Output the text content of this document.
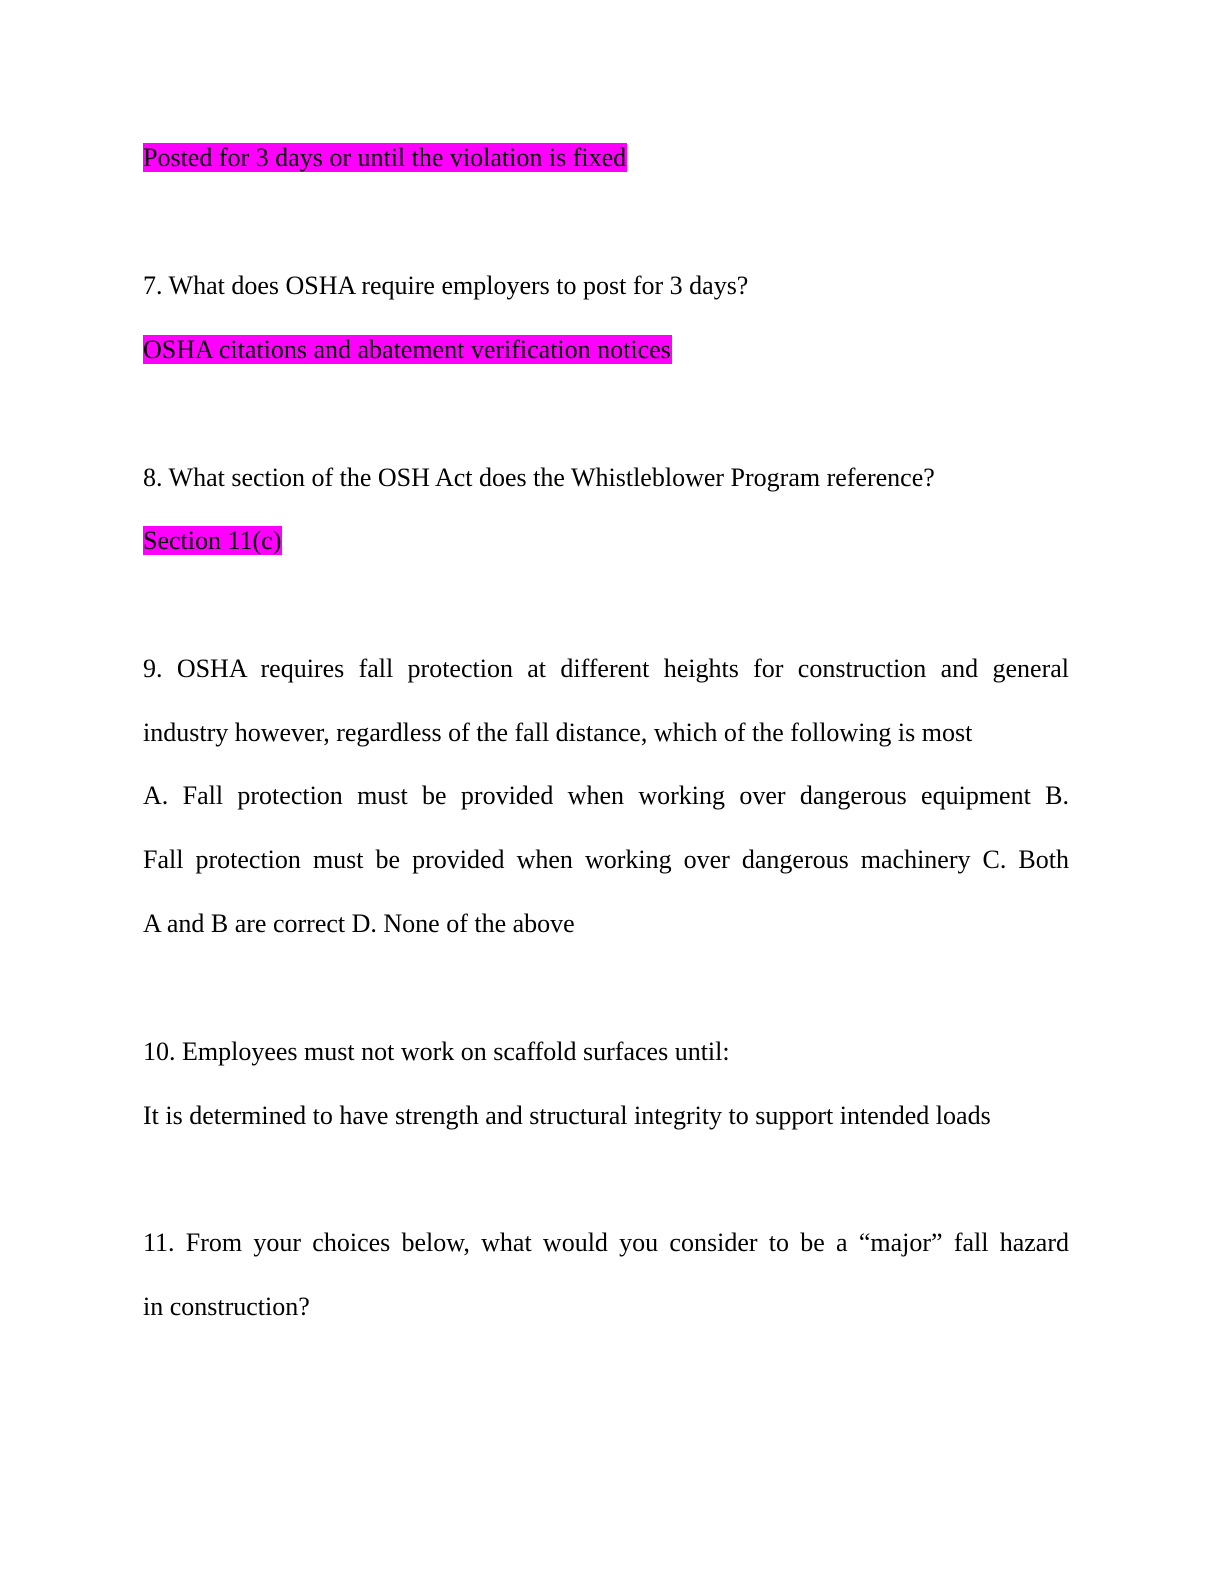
Posted for 3 days or until the violation is fixed
7. What does OSHA require employers to post for 3 days?
OSHA citations and abatement verification notices
8. What section of the OSH Act does the Whistleblower Program reference?
Section 11(c)
9. OSHA requires fall protection at different heights for construction and general
industry however, regardless of the fall distance, which of the following is most
A. Fall protection must be provided when working over dangerous equipment B.
Fall protection must be provided when working over dangerous machinery C. Both
A and B are correct D. None of the above
10. Employees must not work on scaffold surfaces until:
It is determined to have strength and structural integrity to support intended loads
11. From your choices below, what would you consider to be a “major” fall hazard
in construction?
